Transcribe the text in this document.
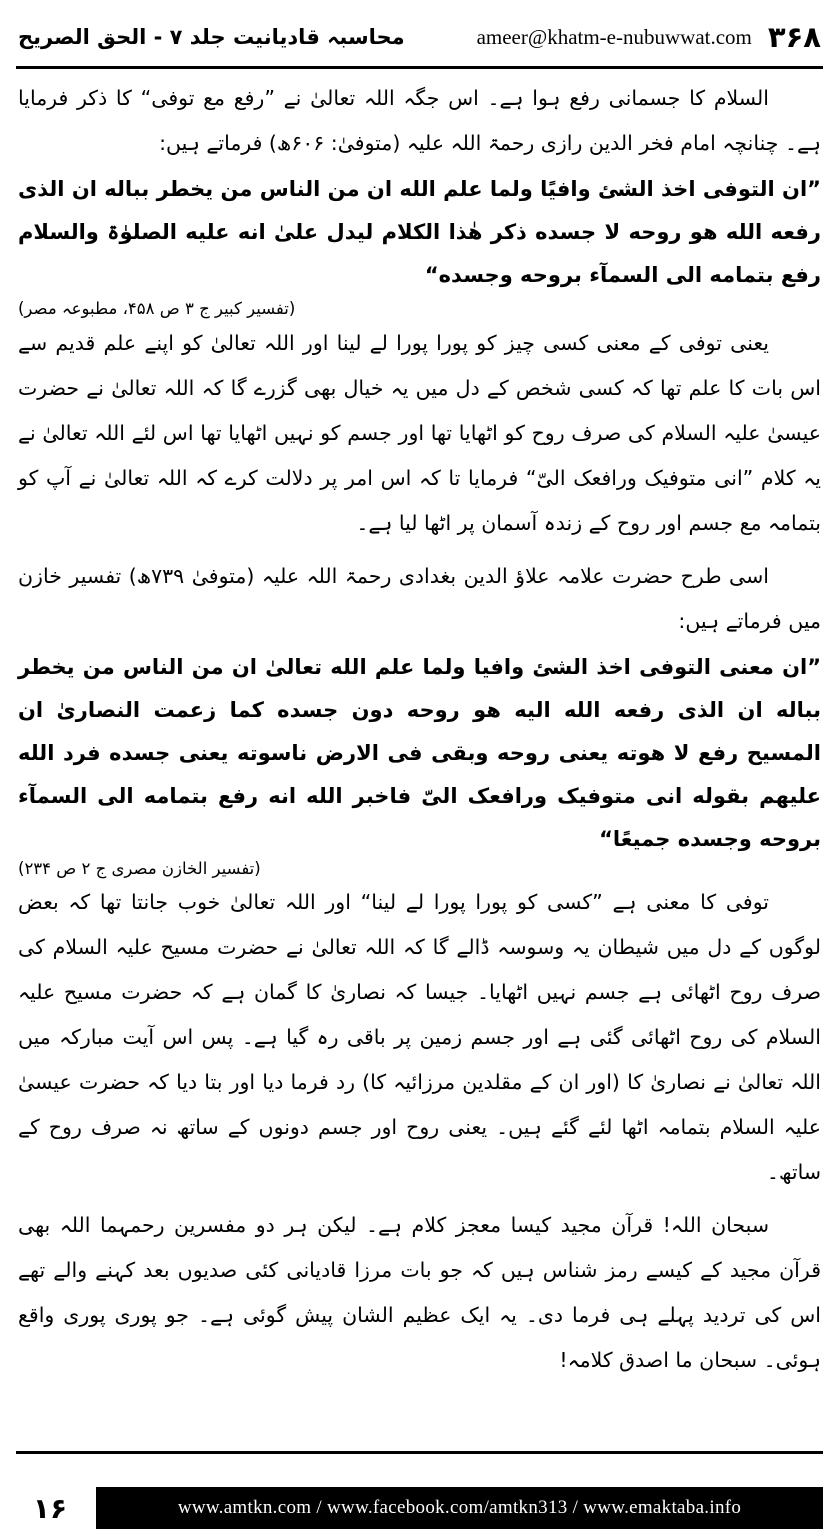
محاسبہ قادیانیت جلد ۷ - الحق الصریح	۳۶۸
ameer@khatm-e-nubuwwat.com

السلام کا جسمانی رفع ہوا ہے۔ اس جگہ اللہ تعالیٰ نے ”رفع مع توفی“ کا ذکر فرمایا ہے۔ چنانچہ امام فخر الدین رازی رحمۃ اللہ علیہ (متوفیٰ: ۶۰۶ھ) فرماتے ہیں:

”ان التوفی اخذ الشئ وافیًا ولما علم الله ان من الناس من یخطر بباله ان الذی رفعه الله هو روحه لا جسده ذکر هٰذا الکلام لیدل علیٰ انه علیه الصلوٰۃ والسلام رفع بتمامه الی السمآء بروحه وجسده“

(تفسیر کبیر ج ۳ ص ۴۵۸، مطبوعہ مصر)

یعنی توفی کے معنی کسی چیز کو پورا پورا لے لینا اور اللہ تعالیٰ کو اپنے علم قدیم سے اس بات کا علم تھا کہ کسی شخص کے دل میں یہ خیال بھی گزرے گا کہ اللہ تعالیٰ نے حضرت عیسیٰ علیہ السلام کی صرف روح کو اٹھایا تھا اور جسم کو نہیں اٹھایا تھا اس لئے اللہ تعالیٰ نے یہ کلام ”انی متوفیک ورافعک الیّ“ فرمایا تا کہ اس امر پر دلالت کرے کہ اللہ تعالیٰ نے آپ کو بتمامہ مع جسم اور روح کے زندہ آسمان پر اٹھا لیا ہے۔

اسی طرح حضرت علامہ علاؤ الدین بغدادی رحمۃ اللہ علیہ (متوفیٰ ۷۳۹ھ) تفسیر خازن میں فرماتے ہیں:

”ان معنی التوفی اخذ الشئ وافیا ولما علم الله تعالیٰ ان من الناس من یخطر بباله ان الذی رفعه الله الیه هو روحه دون جسده کما زعمت النصاریٰ ان المسیح رفع لا هوته یعنی روحه وبقی فی الارض ناسوته یعنی جسده فرد الله علیهم بقوله انی متوفیک ورافعک الیّ فاخبر الله انه رفع بتمامه الی السمآء بروحه وجسده جمیعًا“

(تفسیر الخازن مصری ج ۲ ص ۲۳۴)

توفی کا معنی ہے ”کسی کو پورا پورا لے لینا“ اور اللہ تعالیٰ خوب جانتا تھا کہ بعض لوگوں کے دل میں شیطان یہ وسوسہ ڈالے گا کہ اللہ تعالیٰ نے حضرت مسیح علیہ السلام کی صرف روح اٹھائی ہے جسم نہیں اٹھایا۔ جیسا کہ نصاریٰ کا گمان ہے کہ حضرت مسیح علیہ السلام کی روح اٹھائی گئی ہے اور جسم زمین پر باقی رہ گیا ہے۔ پس اس آیت مبارکہ میں اللہ تعالیٰ نے نصاریٰ کا (اور ان کے مقلدین مرزائیہ کا) رد فرما دیا اور بتا دیا کہ حضرت عیسیٰ علیہ السلام بتمامہ اٹھا لئے گئے ہیں۔ یعنی روح اور جسم دونوں کے ساتھ نہ صرف روح کے ساتھ۔

سبحان اللہ! قرآن مجید کیسا معجز کلام ہے۔ لیکن ہر دو مفسرین رحمہما اللہ بھی قرآن مجید کے کیسے رمز شناس ہیں کہ جو بات مرزا قادیانی کئی صدیوں بعد کہنے والے تھے اس کی تردید پہلے ہی فرما دی۔ یہ ایک عظیم الشان پیش گوئی ہے۔ جو پوری پوری واقع ہوئی۔ سبحان ما اصدق کلامہ!

۱۶	www.amtkn.com / www.facebook.com/amtkn313 / www.emaktaba.info
